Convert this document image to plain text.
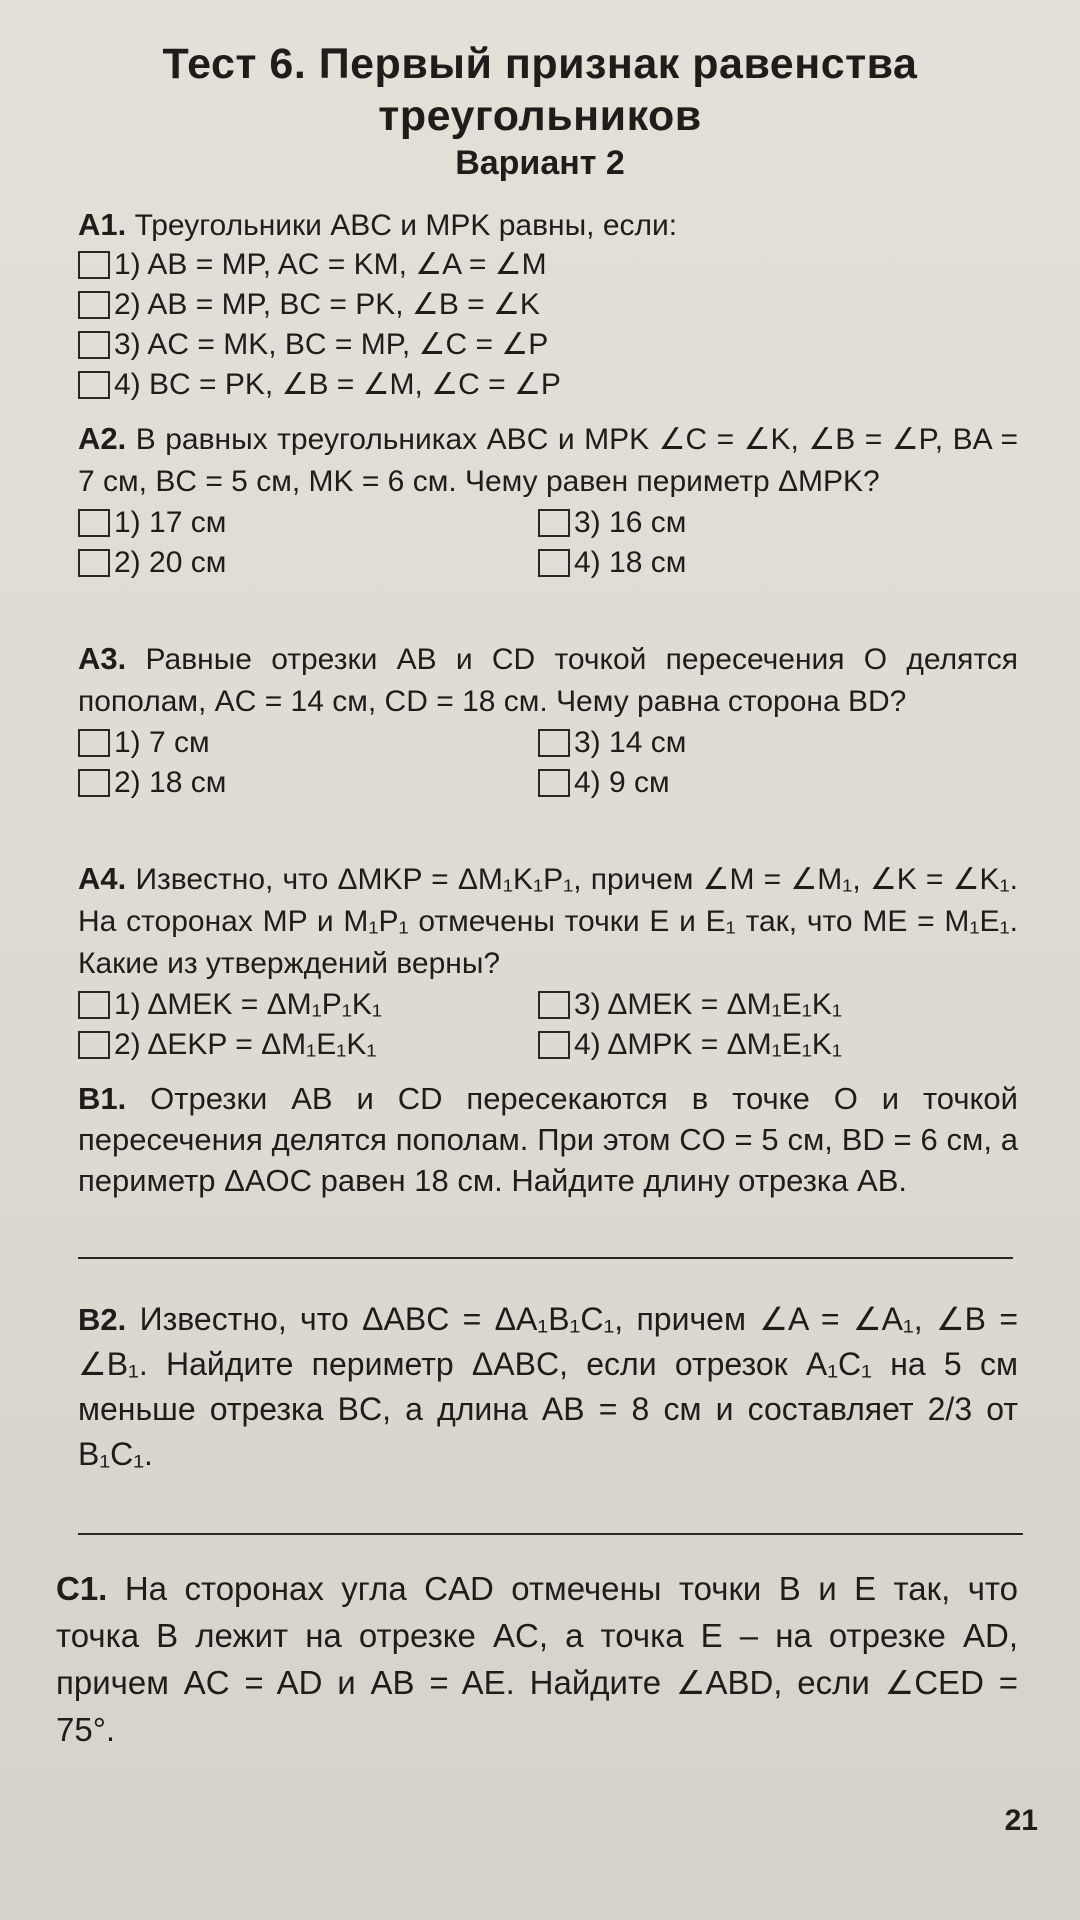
Тест 6. Первый признак равенства
треугольников
Вариант 2
А1. Треугольники ABC и MPK равны, если:
1) AB = MP, AC = KM, ∠A = ∠M
2) AB = MP, BC = PK, ∠B = ∠K
3) AC = MK, BC = MP, ∠C = ∠P
4) BC = PK, ∠B = ∠M, ∠C = ∠P
А2. В равных треугольниках ABC и MPK ∠C = ∠K, ∠B = ∠P, BA = 7 см, BC = 5 см, MK = 6 см. Чему равен периметр ΔMPK?
1) 17 см	3) 16 см
2) 20 см	4) 18 см
А3. Равные отрезки AB и CD точкой пересечения O делятся пополам, AC = 14 см, CD = 18 см. Чему равна сторона BD?
1) 7 см	3) 14 см
2) 18 см	4) 9 см
А4. Известно, что ΔMKP = ΔM₁K₁P₁, причем ∠M = ∠M₁, ∠K = ∠K₁. На сторонах MP и M₁P₁ отмечены точки E и E₁ так, что ME = M₁E₁. Какие из утверждений верны?
1) ΔMEK = ΔM₁P₁K₁	3) ΔMEK = ΔM₁E₁K₁
2) ΔEKP = ΔM₁E₁K₁	4) ΔMPK = ΔM₁E₁K₁
В1. Отрезки AB и CD пересекаются в точке O и точкой пересечения делятся пополам. При этом CO = 5 см, BD = 6 см, а периметр ΔAOC равен 18 см. Найдите длину отрезка AB.
В2. Известно, что ΔABC = ΔA₁B₁C₁, причем ∠A = ∠A₁, ∠B = ∠B₁. Найдите периметр ΔABC, если отрезок A₁C₁ на 5 см меньше отрезка BC, а длина AB = 8 см и составляет 2/3 от B₁C₁.
С1. На сторонах угла CAD отмечены точки B и E так, что точка B лежит на отрезке AC, а точка E – на отрезке AD, причем AC = AD и AB = AE. Найдите ∠ABD, если ∠CED = 75°.
21
